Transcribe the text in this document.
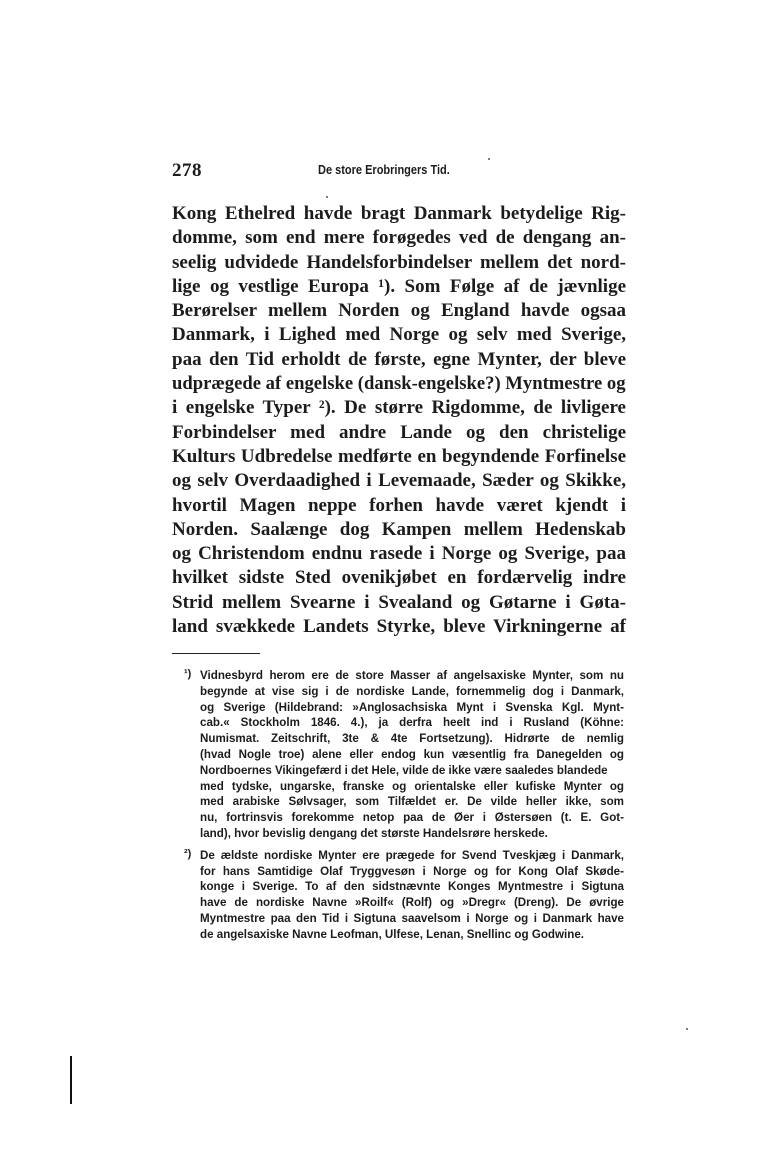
278	De store Erobringers Tid.
Kong Ethelred havde bragt Danmark betydelige Rig-
domme, som end mere forøgedes ved de dengang an-
seelig udvidede Handelsforbindelser mellem det nord-
lige og vestlige Europa ¹). Som Følge af de jævnlige
Berørelser mellem Norden og England havde ogsaa
Danmark, i Lighed med Norge og selv med Sverige,
paa den Tid erholdt de første, egne Mynter, der bleve
udprægede af engelske (dansk-engelske?) Myntmestre og
i engelske Typer ²). De større Rigdomme, de livligere
Forbindelser med andre Lande og den christelige
Kulturs Udbredelse medførte en begyndende Forfinelse
og selv Overdaadighed i Levemaade, Sæder og Skikke,
hvortil Magen neppe forhen havde været kjendt i
Norden. Saalænge dog Kampen mellem Hedenskab
og Christendom endnu rasede i Norge og Sverige, paa
hvilket sidste Sted ovenikjøbet en fordærvelig indre
Strid mellem Svearne i Svealand og Gøtarne i Gøta-
land svækkede Landets Styrke, bleve Virkningerne af
¹) Vidnesbyrd herom ere de store Masser af angelsaxiske Mynter, som nu
begynde at vise sig i de nordiske Lande, fornemmelig dog i Danmark,
og Sverige (Hildebrand: »Anglosachsiska Mynt i Svenska Kgl. Mynt-
cab.« Stockholm 1846. 4.), ja derfra heelt ind i Rusland (Köhne:
Numismat. Zeitschrift, 3te & 4te Fortsetzung). Hidrørte de nemlig
(hvad Nogle troe) alene eller endog kun væsentlig fra Danegelden og
Nordboernes Vikingefærd i det Hele, vilde de ikke være saaledes blandede
med tydske, ungarske, franske og orientalske eller kufiske Mynter og
med arabiske Sølvsager, som Tilfældet er. De vilde heller ikke, som
nu, fortrinsvis forekomme netop paa de Øer i Østersøen (t. E. Got-
land), hvor bevislig dengang det største Handelsrøre herskede.
²) De ældste nordiske Mynter ere prægede for Svend Tveskjæg i Danmark,
for hans Samtidige Olaf Tryggvesøn i Norge og for Kong Olaf Skøde-
konge i Sverige. To af den sidstnævnte Konges Myntmestre i Sigtuna
have de nordiske Navne »Roilf« (Rolf) og »Dregr« (Dreng). De øvrige
Myntmestre paa den Tid i Sigtuna saavelsom i Norge og i Danmark have
de angelsaxiske Navne Leofman, Ulfese, Lenan, Snellinc og Godwine.
